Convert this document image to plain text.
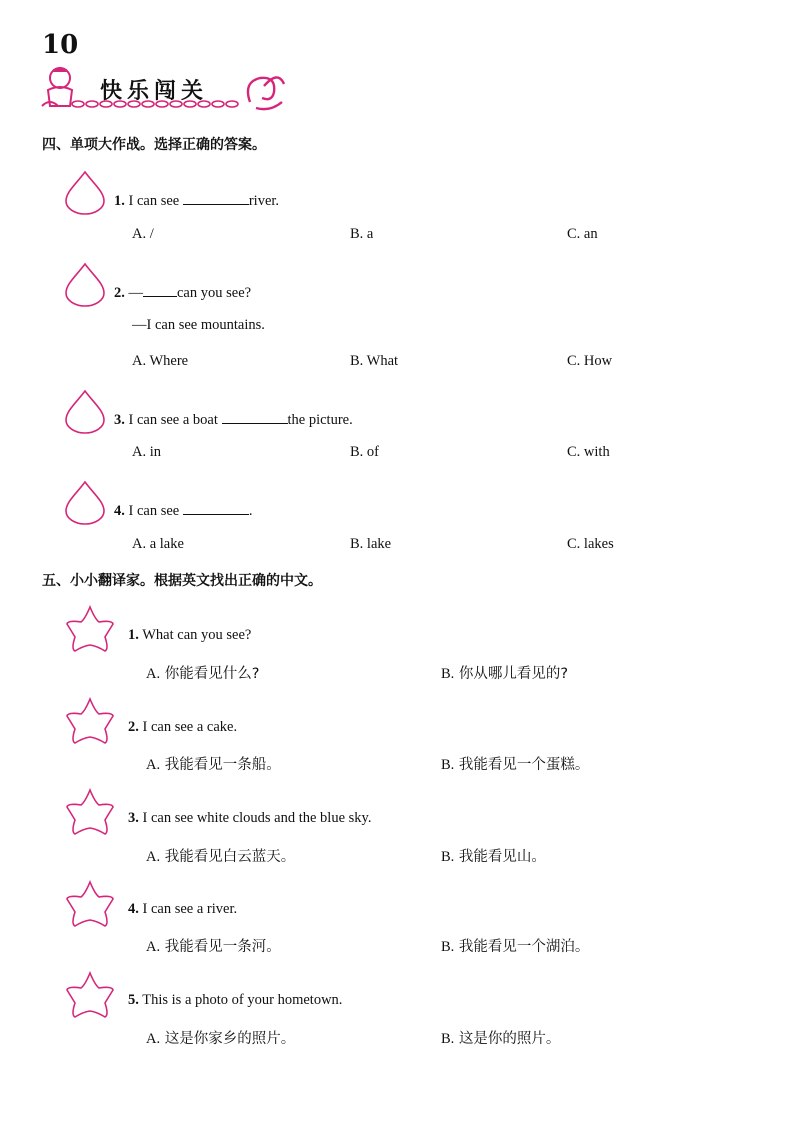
10
快乐闯关
四、单项大作战。选择正确的答案。
1. I can see	river.
A. /	B. a	C. an
2. — can you see?
—I can see mountains.
A. Where	B. What	C. How
3. I can see a boat	the picture.
A. in	B. of	C. with
4. I can see	.
A. a lake	B. lake	C. lakes
五、小小翻译家。根据英文找出正确的中文。
1. What can you see?
A. 你能看见什么?	B. 你从哪儿看见的?
2. I can see a cake.
A. 我能看见一条船。	B. 我能看见一个蛋糕。
3. I can see white clouds and the blue sky.
A. 我能看见白云蓝天。	B. 我能看见山。
4. I can see a river.
A. 我能看见一条河。	B. 我能看见一个湖泊。
5. This is a photo of your hometown.
A. 这是你家乡的照片。	B. 这是你的照片。
